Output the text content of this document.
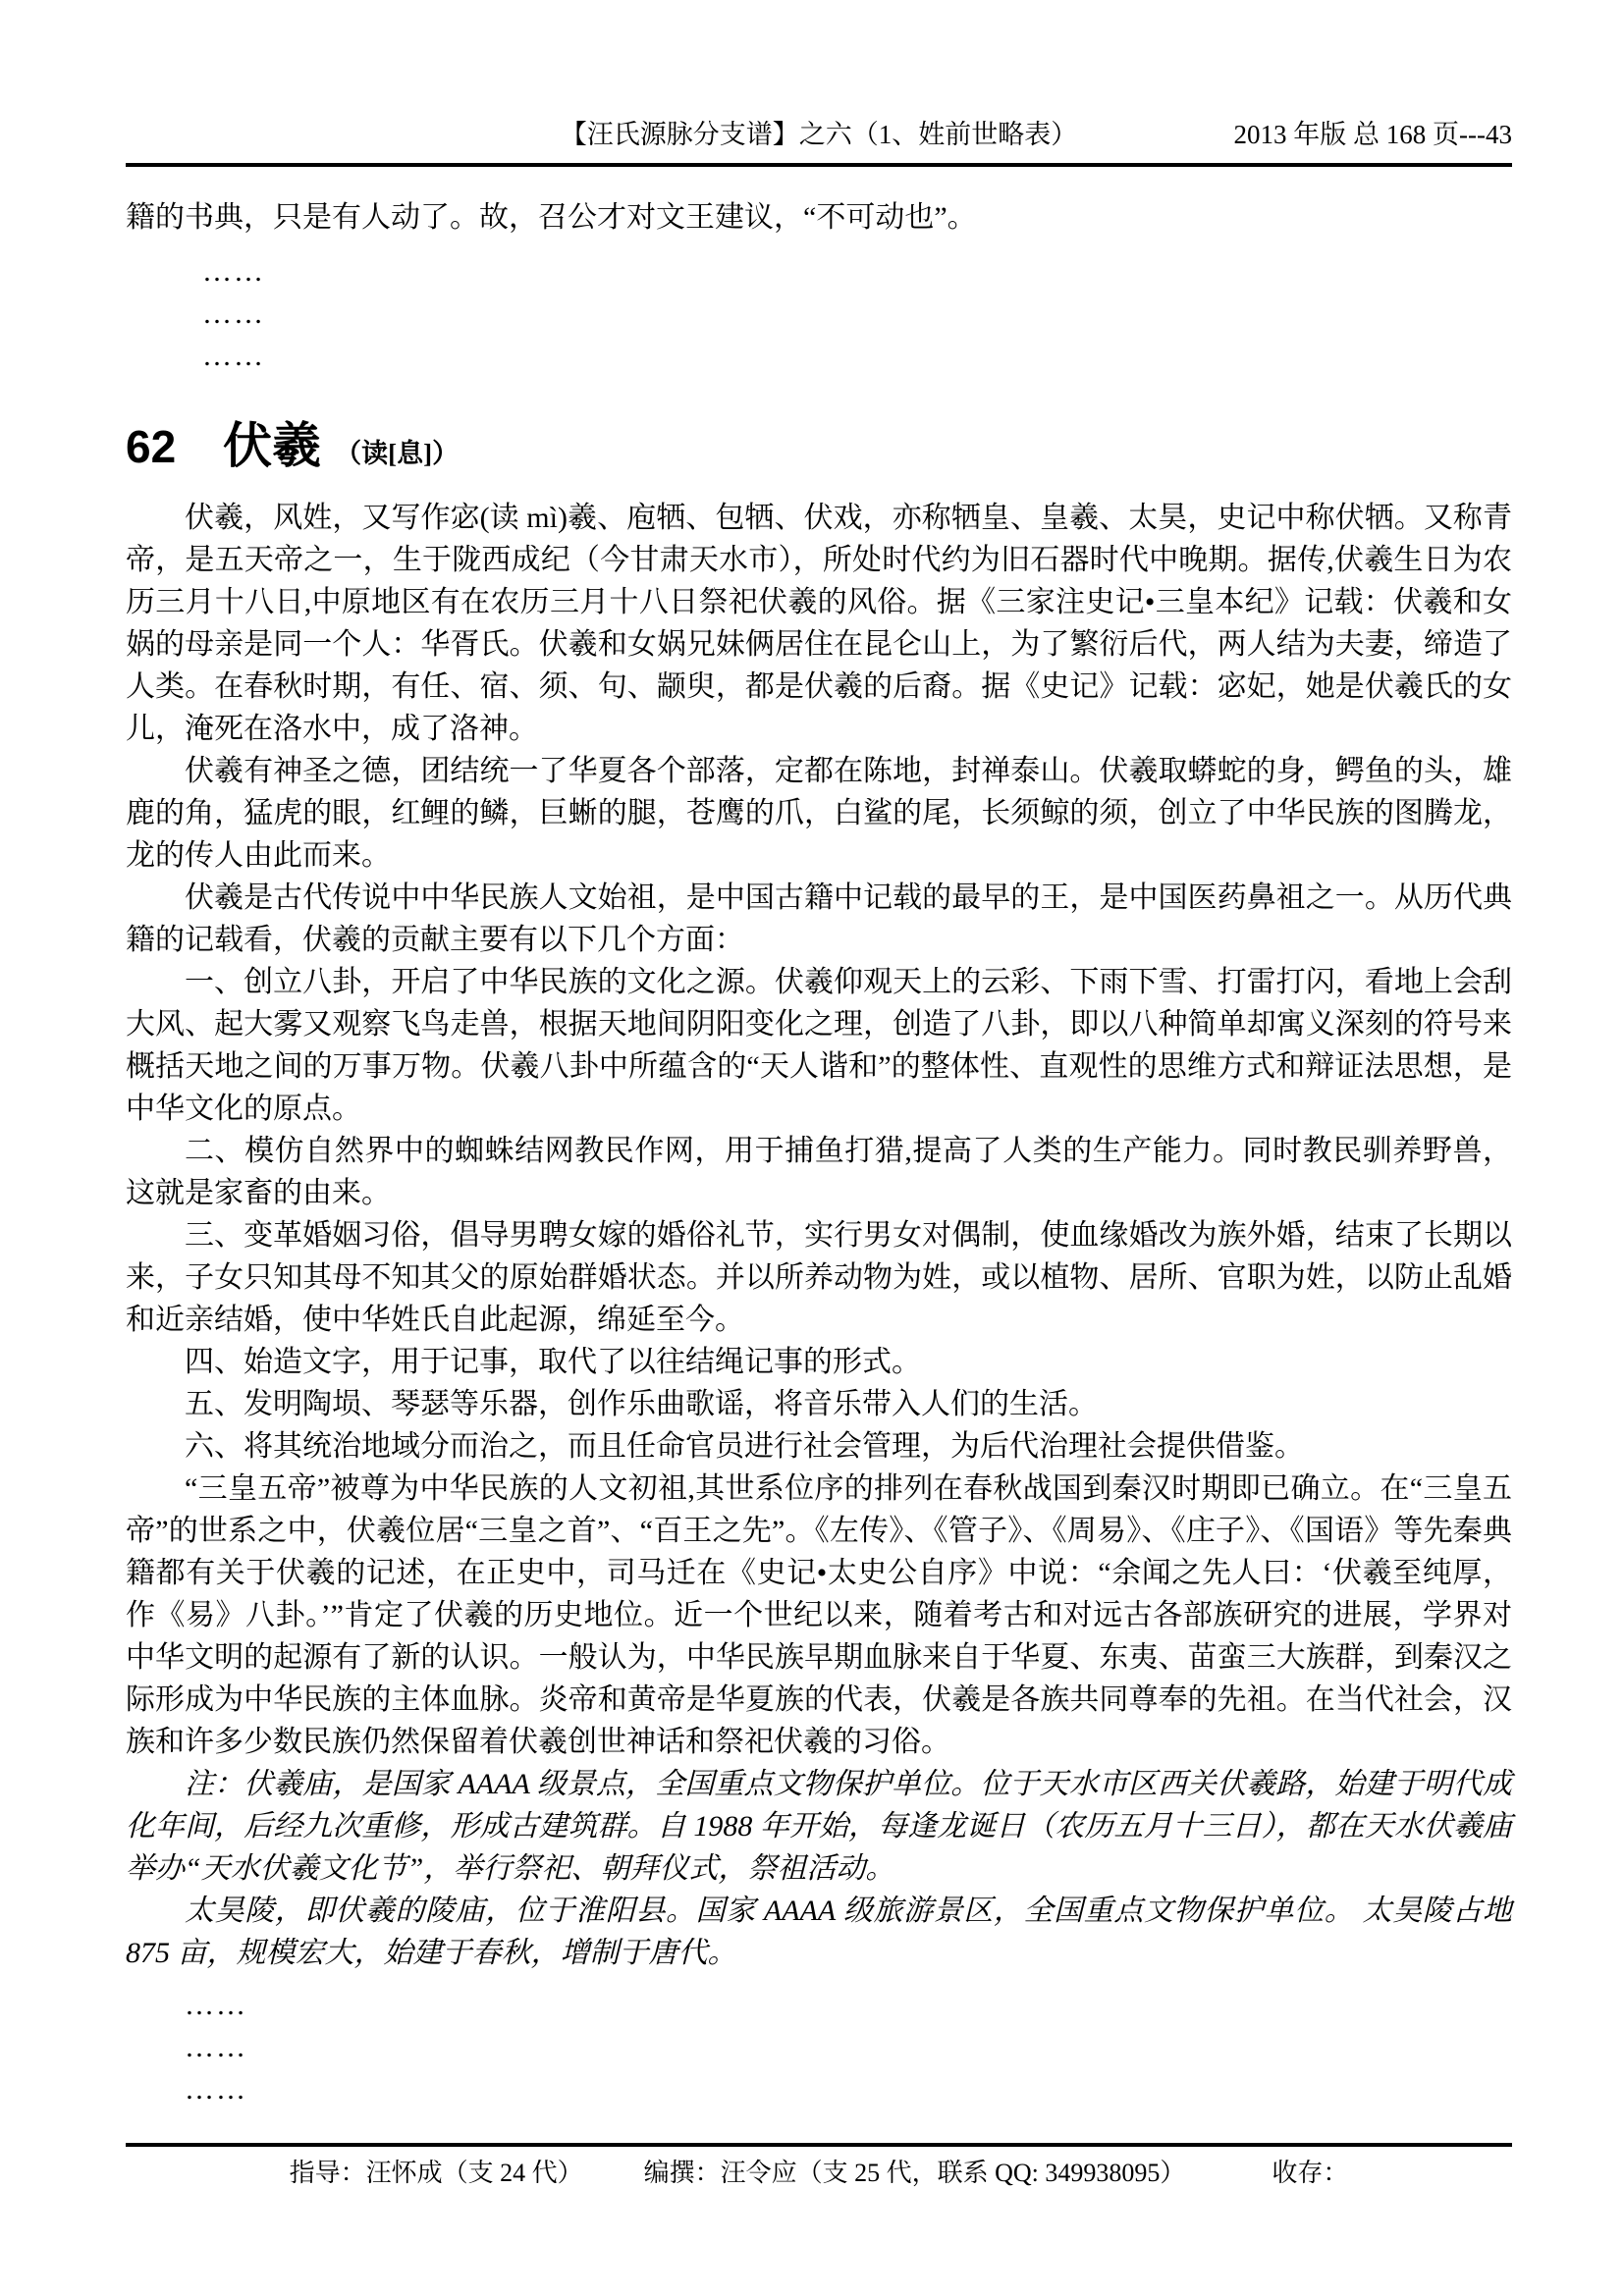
【汪氏源脉分支谱】之六（1、姓前世略表）	2013 年版 总 168 页---43

籍的书典，只是有人动了。故，召公才对文王建议，“不可动也”。

……

……

……

62 伏羲 （读[息]）

伏羲，风姓，又写作宓(读 mì)羲、庖牺、包牺、伏戏，亦称牺皇、皇羲、太昊，史记中称伏牺。又称青帝，是五天帝之一，生于陇西成纪（今甘肃天水市），所处时代约为旧石器时代中晚期。据传,伏羲生日为农历三月十八日,中原地区有在农历三月十八日祭祀伏羲的风俗。据《三家注史记•三皇本纪》记载：伏羲和女娲的母亲是同一个人：华胥氏。伏羲和女娲兄妹俩居住在昆仑山上，为了繁衍后代，两人结为夫妻，缔造了人类。在春秋时期，有任、宿、须、句、颛臾，都是伏羲的后裔。据《史记》记载：宓妃，她是伏羲氏的女儿，淹死在洛水中，成了洛神。

伏羲有神圣之德，团结统一了华夏各个部落，定都在陈地，封禅泰山。伏羲取蟒蛇的身，鳄鱼的头，雄鹿的角，猛虎的眼，红鲤的鳞，巨蜥的腿，苍鹰的爪，白鲨的尾，长须鲸的须，创立了中华民族的图腾龙，龙的传人由此而来。

伏羲是古代传说中中华民族人文始祖，是中国古籍中记载的最早的王，是中国医药鼻祖之一。从历代典籍的记载看，伏羲的贡献主要有以下几个方面：

一、创立八卦，开启了中华民族的文化之源。伏羲仰观天上的云彩、下雨下雪、打雷打闪，看地上会刮大风、起大雾又观察飞鸟走兽，根据天地间阴阳变化之理，创造了八卦，即以八种简单却寓义深刻的符号来概括天地之间的万事万物。伏羲八卦中所蕴含的“天人谐和”的整体性、直观性的思维方式和辩证法思想，是中华文化的原点。

二、模仿自然界中的蜘蛛结网教民作网，用于捕鱼打猎,提高了人类的生产能力。同时教民驯养野兽，这就是家畜的由来。

三、变革婚姻习俗，倡导男聘女嫁的婚俗礼节，实行男女对偶制，使血缘婚改为族外婚，结束了长期以来，子女只知其母不知其父的原始群婚状态。并以所养动物为姓，或以植物、居所、官职为姓，以防止乱婚和近亲结婚，使中华姓氏自此起源，绵延至今。

四、始造文字，用于记事，取代了以往结绳记事的形式。

五、发明陶埙、琴瑟等乐器，创作乐曲歌谣，将音乐带入人们的生活。

六、将其统治地域分而治之，而且任命官员进行社会管理，为后代治理社会提供借鉴。

“三皇五帝”被尊为中华民族的人文初祖,其世系位序的排列在春秋战国到秦汉时期即已确立。在“三皇五帝”的世系之中，伏羲位居“三皇之首”、“百王之先”。《左传》、《管子》、《周易》、《庄子》、《国语》等先秦典籍都有关于伏羲的记述，在正史中，司马迁在《史记•太史公自序》中说：“余闻之先人曰：‘伏羲至纯厚，作《易》八卦。’”肯定了伏羲的历史地位。近一个世纪以来，随着考古和对远古各部族研究的进展，学界对中华文明的起源有了新的认识。一般认为，中华民族早期血脉来自于华夏、东夷、苗蛮三大族群，到秦汉之际形成为中华民族的主体血脉。炎帝和黄帝是华夏族的代表，伏羲是各族共同尊奉的先祖。在当代社会，汉族和许多少数民族仍然保留着伏羲创世神话和祭祀伏羲的习俗。

注：伏羲庙，是国家 AAAA 级景点，全国重点文物保护单位。位于天水市区西关伏羲路，始建于明代成化年间，后经九次重修，形成古建筑群。自 1988 年开始，每逢龙诞日（农历五月十三日），都在天水伏羲庙举办“天水伏羲文化节”，举行祭祀、朝拜仪式，祭祖活动。

太昊陵，即伏羲的陵庙，位于淮阳县。国家 AAAA 级旅游景区，全国重点文物保护单位。 太昊陵占地 875 亩，规模宏大，始建于春秋，增制于唐代。

……

……

……

指导：汪怀成（支 24 代） 编撰：汪令应（支 25 代，联系 QQ: 349938095）	收存：
